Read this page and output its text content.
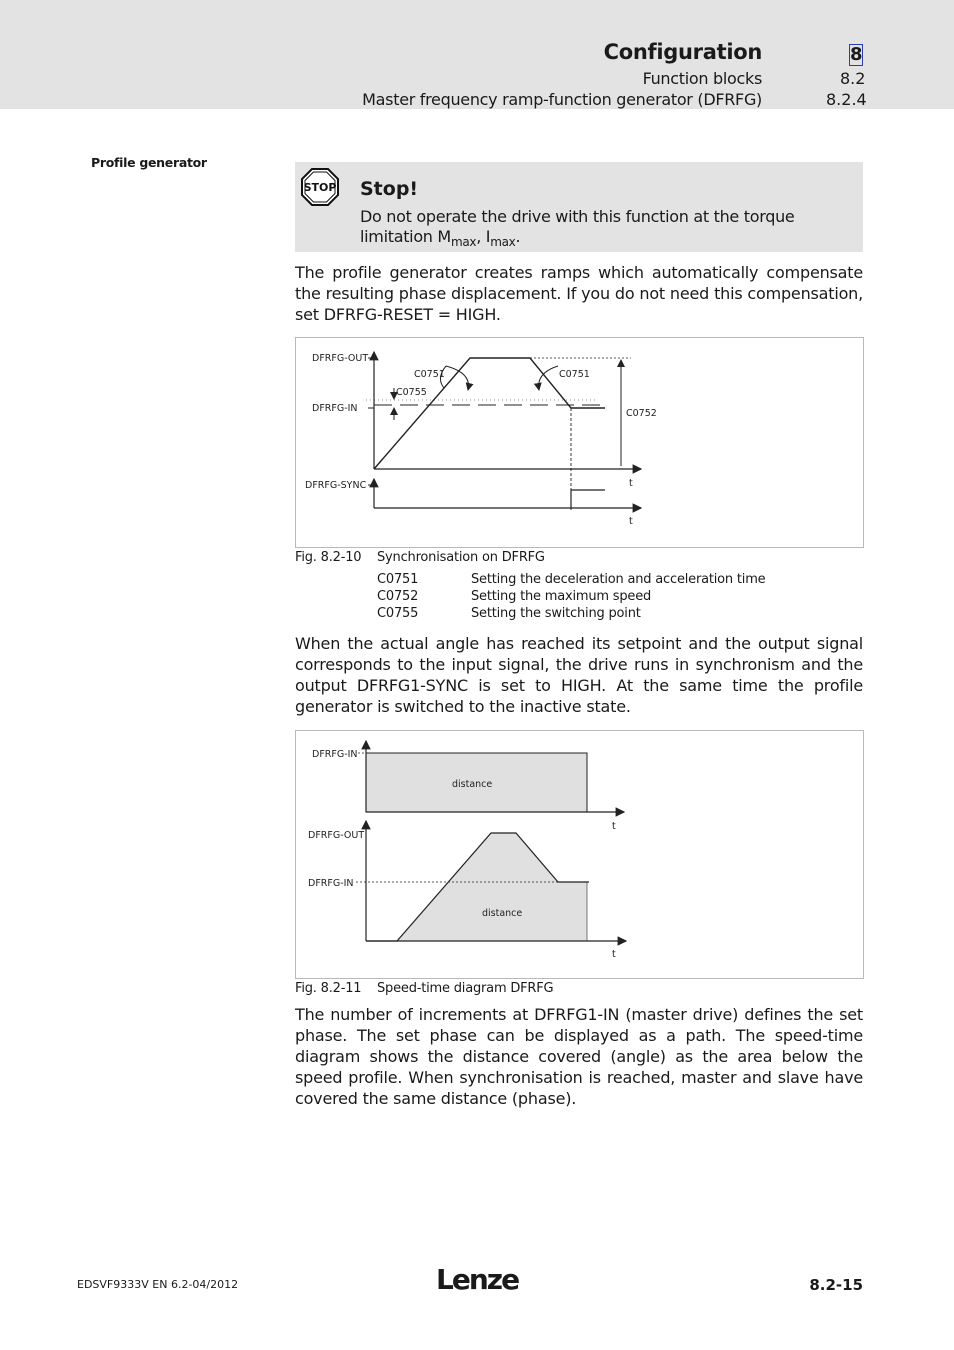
Configuration	8
Function blocks	8.2
Master frequency ramp-function generator (DFRFG)	8.2.4
Profile generator
STOP Stop!
Do not operate the drive with this function at the torque limitation $M_{max}$, $I_{max}$.
The profile generator creates ramps which automatically compensate the resulting phase displacement. If you do not need this compensation, set DFRFG-RESET = HIGH.
DFRFG-OUT
DFRFG-IN
DFRFG-SYNC
C0751	C0751
C0755
C0752
t
t
Fig. 8.2-10 Synchronisation on DFRFG
C0751	Setting the deceleration and acceleration time
C0752	Setting the maximum speed
C0755	Setting the switching point
When the actual angle has reached its setpoint and the output signal corresponds to the input signal, the drive runs in synchronism and the output DFRFG1-SYNC is set to HIGH. At the same time the profile generator is switched to the inactive state.
DFRFG-IN
distance
t
DFRFG-OUT
DFRFG-IN
distance
t
Fig. 8.2-11 Speed-time diagram DFRFG
The number of increments at DFRFG1-IN (master drive) defines the set phase. The set phase can be displayed as a path. The speed-time diagram shows the distance covered (angle) as the area below the speed profile. When synchronisation is reached, master and slave have covered the same distance (phase).
EDSVF9333V EN 6.2-04/2012	Lenze	8.2-15
